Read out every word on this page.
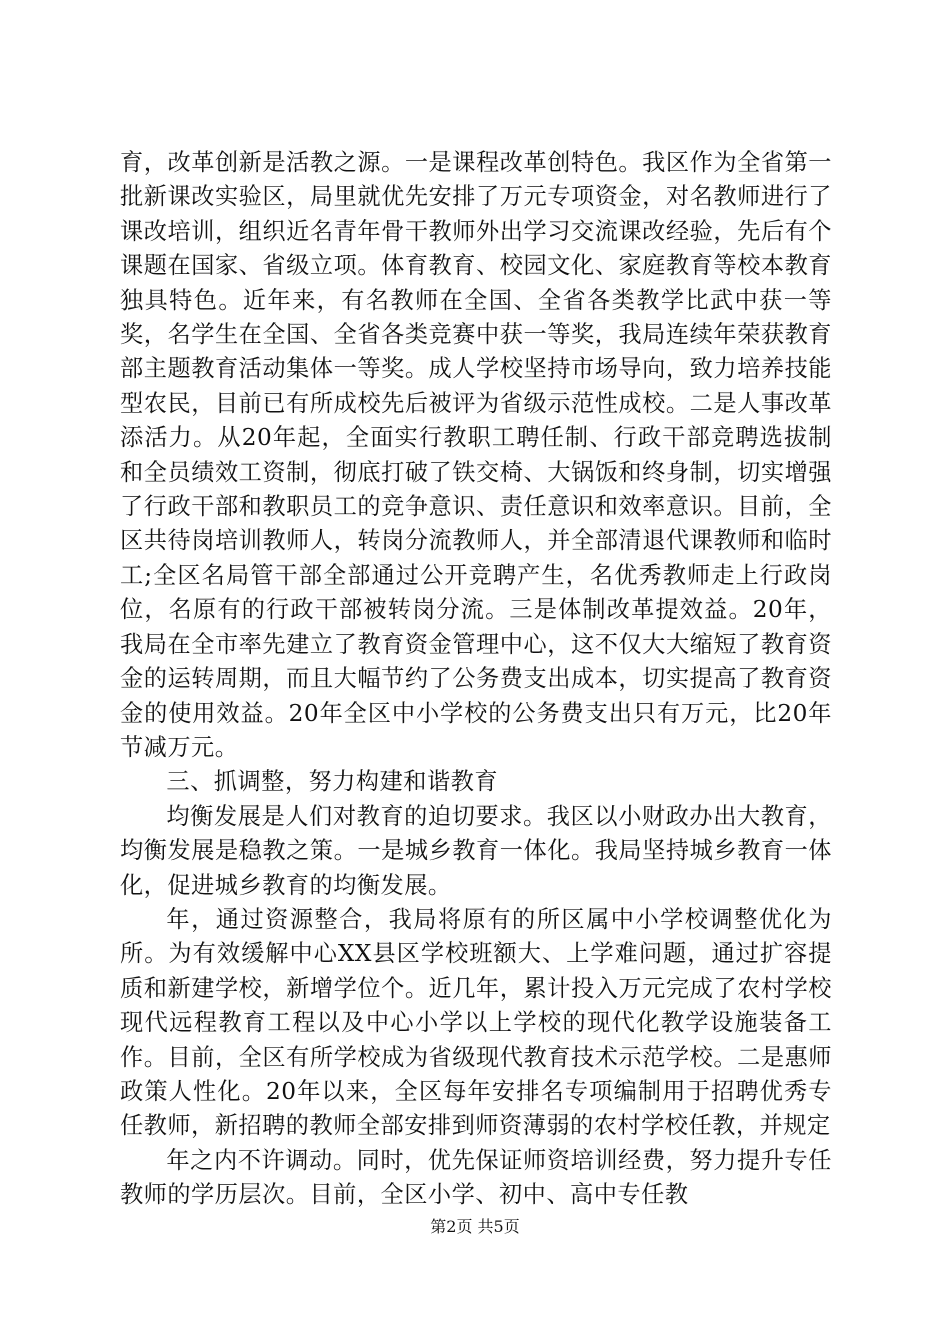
育，改革创新是活教之源。一是课程改革创特色。我区作为全省第一批新课改实验区，局里就优先安排了万元专项资金，对名教师进行了课改培训，组织近名青年骨干教师外出学习交流课改经验，先后有个课题在国家、省级立项。体育教育、校园文化、家庭教育等校本教育独具特色。近年来，有名教师在全国、全省各类教学比武中获一等奖，名学生在全国、全省各类竞赛中获一等奖，我局连续年荣获教育部主题教育活动集体一等奖。成人学校坚持市场导向，致力培养技能型农民，目前已有所成校先后被评为省级示范性成校。二是人事改革添活力。从20年起，全面实行教职工聘任制、行政干部竞聘选拔制和全员绩效工资制，彻底打破了铁交椅、大锅饭和终身制，切实增强了行政干部和教职员工的竞争意识、责任意识和效率意识。目前，全区共待岗培训教师人，转岗分流教师人，并全部清退代课教师和临时工;全区名局管干部全部通过公开竞聘产生，名优秀教师走上行政岗位，名原有的行政干部被转岗分流。三是体制改革提效益。20年，我局在全市率先建立了教育资金管理中心，这不仅大大缩短了教育资金的运转周期，而且大幅节约了公务费支出成本，切实提高了教育资金的使用效益。20年全区中小学校的公务费支出只有万元，比20年节减万元。

三、抓调整，努力构建和谐教育

均衡发展是人们对教育的迫切要求。我区以小财政办出大教育，均衡发展是稳教之策。一是城乡教育一体化。我局坚持城乡教育一体化，促进城乡教育的均衡发展。

年，通过资源整合，我局将原有的所区属中小学校调整优化为所。为有效缓解中心XX县区学校班额大、上学难问题，通过扩容提质和新建学校，新增学位个。近几年，累计投入万元完成了农村学校现代远程教育工程以及中心小学以上学校的现代化教学设施装备工作。目前，全区有所学校成为省级现代教育技术示范学校。二是惠师政策人性化。20年以来，全区每年安排名专项编制用于招聘优秀专任教师，新招聘的教师全部安排到师资薄弱的农村学校任教，并规定

年之内不许调动。同时，优先保证师资培训经费，努力提升专任教师的学历层次。目前，全区小学、初中、高中专任教

第2页 共5页
